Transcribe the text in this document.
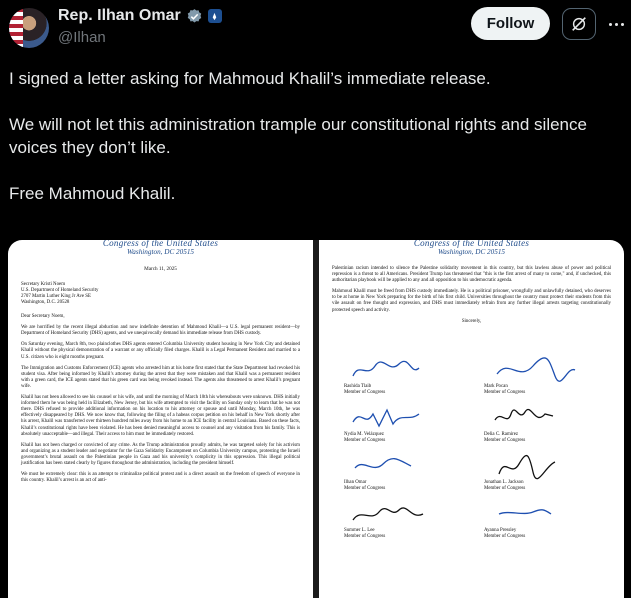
Rep. Ilhan Omar
@Ilhan
Follow

I signed a letter asking for Mahmoud Khalil’s immediate release.

We will not let this administration trample our constitutional rights and silence voices they don’t like.

Free Mahmoud Khalil.

Congress of the United States
Washington, DC 20515
March 11, 2025
Secretary Kristi Noem
U.S. Department of Homeland Security
2707 Martin Luther King Jr Ave SE
Washington, D.C. 20528

Dear Secretary Noem,

We are horrified by the recent illegal abduction and now indefinite detention of Mahmoud Khalil—a U.S. legal permanent resident—by Department of Homeland Security (DHS) agents, and we unequivocally demand his immediate release from DHS custody.

On Saturday evening, March 8th, two plainclothes DHS agents entered Columbia University student housing in New York City and detained Khalil without the physical demonstration of a warrant or any officially filed charges. Khalil is a Legal Permanent Resident and married to a U.S. citizen who is eight months pregnant.

The Immigration and Customs Enforcement (ICE) agents who arrested him at his home first stated that the State Department had revoked his student visa. After being informed by Khalil’s attorney during the arrest that they were mistaken and that Khalil was a permanent resident with a green card, the ICE agents stated that his green card was being revoked instead. The agents also threatened to arrest Khalil’s pregnant wife.

Khalil has not been allowed to see his counsel or his wife, and until the morning of March 10th his whereabouts were unknown. DHS initially informed them he was being held in Elizabeth, New Jersey, but his wife attempted to visit the facility on Sunday only to learn that he was not there. DHS refused to provide additional information on his location to his attorney or spouse and until Monday, March 10th, he was effectively disappeared by DHS. We now know that, following the filing of a habeas corpus petition on his behalf in New York shortly after his arrest, Khalil was transferred over thirteen hundred miles away from his home to an ICE facility in central Louisiana. Based on these facts, Khalil’s constitutional rights have been violated. He has been denied meaningful access to counsel and any visitation from his family. This is absolutely unacceptable—and illegal. Their access to him must be immediately restored.

Khalil has not been charged or convicted of any crime. As the Trump administration proudly admits, he was targeted solely for his activism and organizing as a student leader and negotiator for the Gaza Solidarity Encampment on Columbia University campus, protesting the Israeli government’s brutal assault on the Palestinian people in Gaza and his university’s complicity in this oppression. This illegal political justification has been stated clearly by figures throughout the administration, including the president himself.

We must be extremely clear: this is an attempt to criminalize political protest and is a direct assault on the freedom of speech of everyone in this country. Khalil’s arrest is an act of anti-

Congress of the United States
Washington, DC 20515

Palestinian racism intended to silence the Palestine solidarity movement in this country, but this lawless abuse of power and political repression is a threat to all Americans. President Trump has threatened that "this is the first arrest of many to come," and, if unchecked, this authoritarian playbook will be applied to any and all opposition to his undemocratic agenda.

Mahmoud Khalil must be freed from DHS custody immediately. He is a political prisoner, wrongfully and unlawfully detained, who deserves to be at home in New York preparing for the birth of his first child. Universities throughout the country must protect their students from this vile assault on free thought and expression, and DHS must immediately refrain from any further illegal arrests targeting constitutionally protected speech and activity.

Sincerely,

Rashida Tlaib
Member of Congress
Mark Pocan
Member of Congress
Nydia M. Velázquez
Member of Congress
Delia C. Ramirez
Member of Congress
Ilhan Omar
Member of Congress
Jonathan L. Jackson
Member of Congress
Summer L. Lee
Member of Congress
Ayanna Pressley
Member of Congress
